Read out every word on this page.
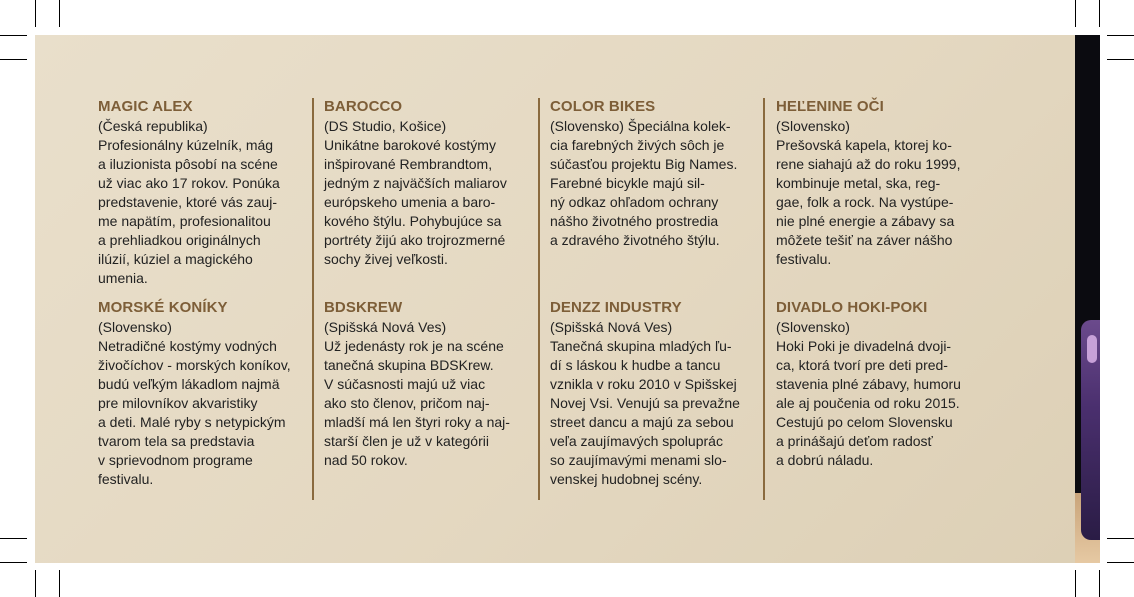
MAGIC ALEX
(Česká republika)
Profesionálny kúzelník, mág
a iluzionista pôsobí na scéne
už viac ako 17 rokov. Ponúka
predstavenie, ktoré vás zauj-
me napätím, profesionalitou
a prehliadkou originálnych
ilúzií, kúziel a magického
umenia.
BAROCCO
(DS Studio, Košice)
Unikátne barokové kostýmy
inšpirované Rembrandtom,
jedným z najväčších maliarov
európskeho umenia a baro-
kového štýlu. Pohybujúce sa
portréty žijú ako trojrozmerné
sochy živej veľkosti.
COLOR BIKES
(Slovensko) Špeciálna kolek-
cia farebných živých sôch je
súčasťou projektu Big Names.
Farebné bicykle majú sil-
ný odkaz ohľadom ochrany
nášho životného prostredia
a zdravého životného štýlu.
HEĽENINE OČI
(Slovensko)
Prešovská kapela, ktorej ko-
rene siahajú až do roku 1999,
kombinuje metal, ska, reg-
gae, folk a rock. Na vystúpe-
nie plné energie a zábavy sa
môžete tešiť na záver nášho
festivalu.
MORSKÉ KONÍKY
(Slovensko)
Netradičné kostýmy vodných
živočíchov - morských koníkov,
budú veľkým lákadlom najmä
pre milovníkov akvaristiky
a deti. Malé ryby s netypickým
tvarom tela sa predstavia
v sprievodnom programe
festivalu.
BDSKREW
(Spišská Nová Ves)
Už jedenásty rok je na scéne
tanečná skupina BDSKrew.
V súčasnosti majú už viac
ako sto členov, pričom naj-
mladší má len štyri roky a naj-
starší člen je už v kategórii
nad 50 rokov.
DENZZ INDUSTRY
(Spišská Nová Ves)
Tanečná skupina mladých ľu-
dí s láskou k hudbe a tancu
vznikla v roku 2010 v Spišskej
Novej Vsi. Venujú sa prevažne
street dancu a majú za sebou
veľa zaujímavých spoluprác
so zaujímavými menami slo-
venskej hudobnej scény.
DIVADLO HOKI-POKI
(Slovensko)
Hoki Poki je divadelná dvoji-
ca, ktorá tvorí pre deti pred-
stavenia plné zábavy, humoru
ale aj poučenia od roku 2015.
Cestujú po celom Slovensku
a prinášajú deťom radosť
a dobrú náladu.
